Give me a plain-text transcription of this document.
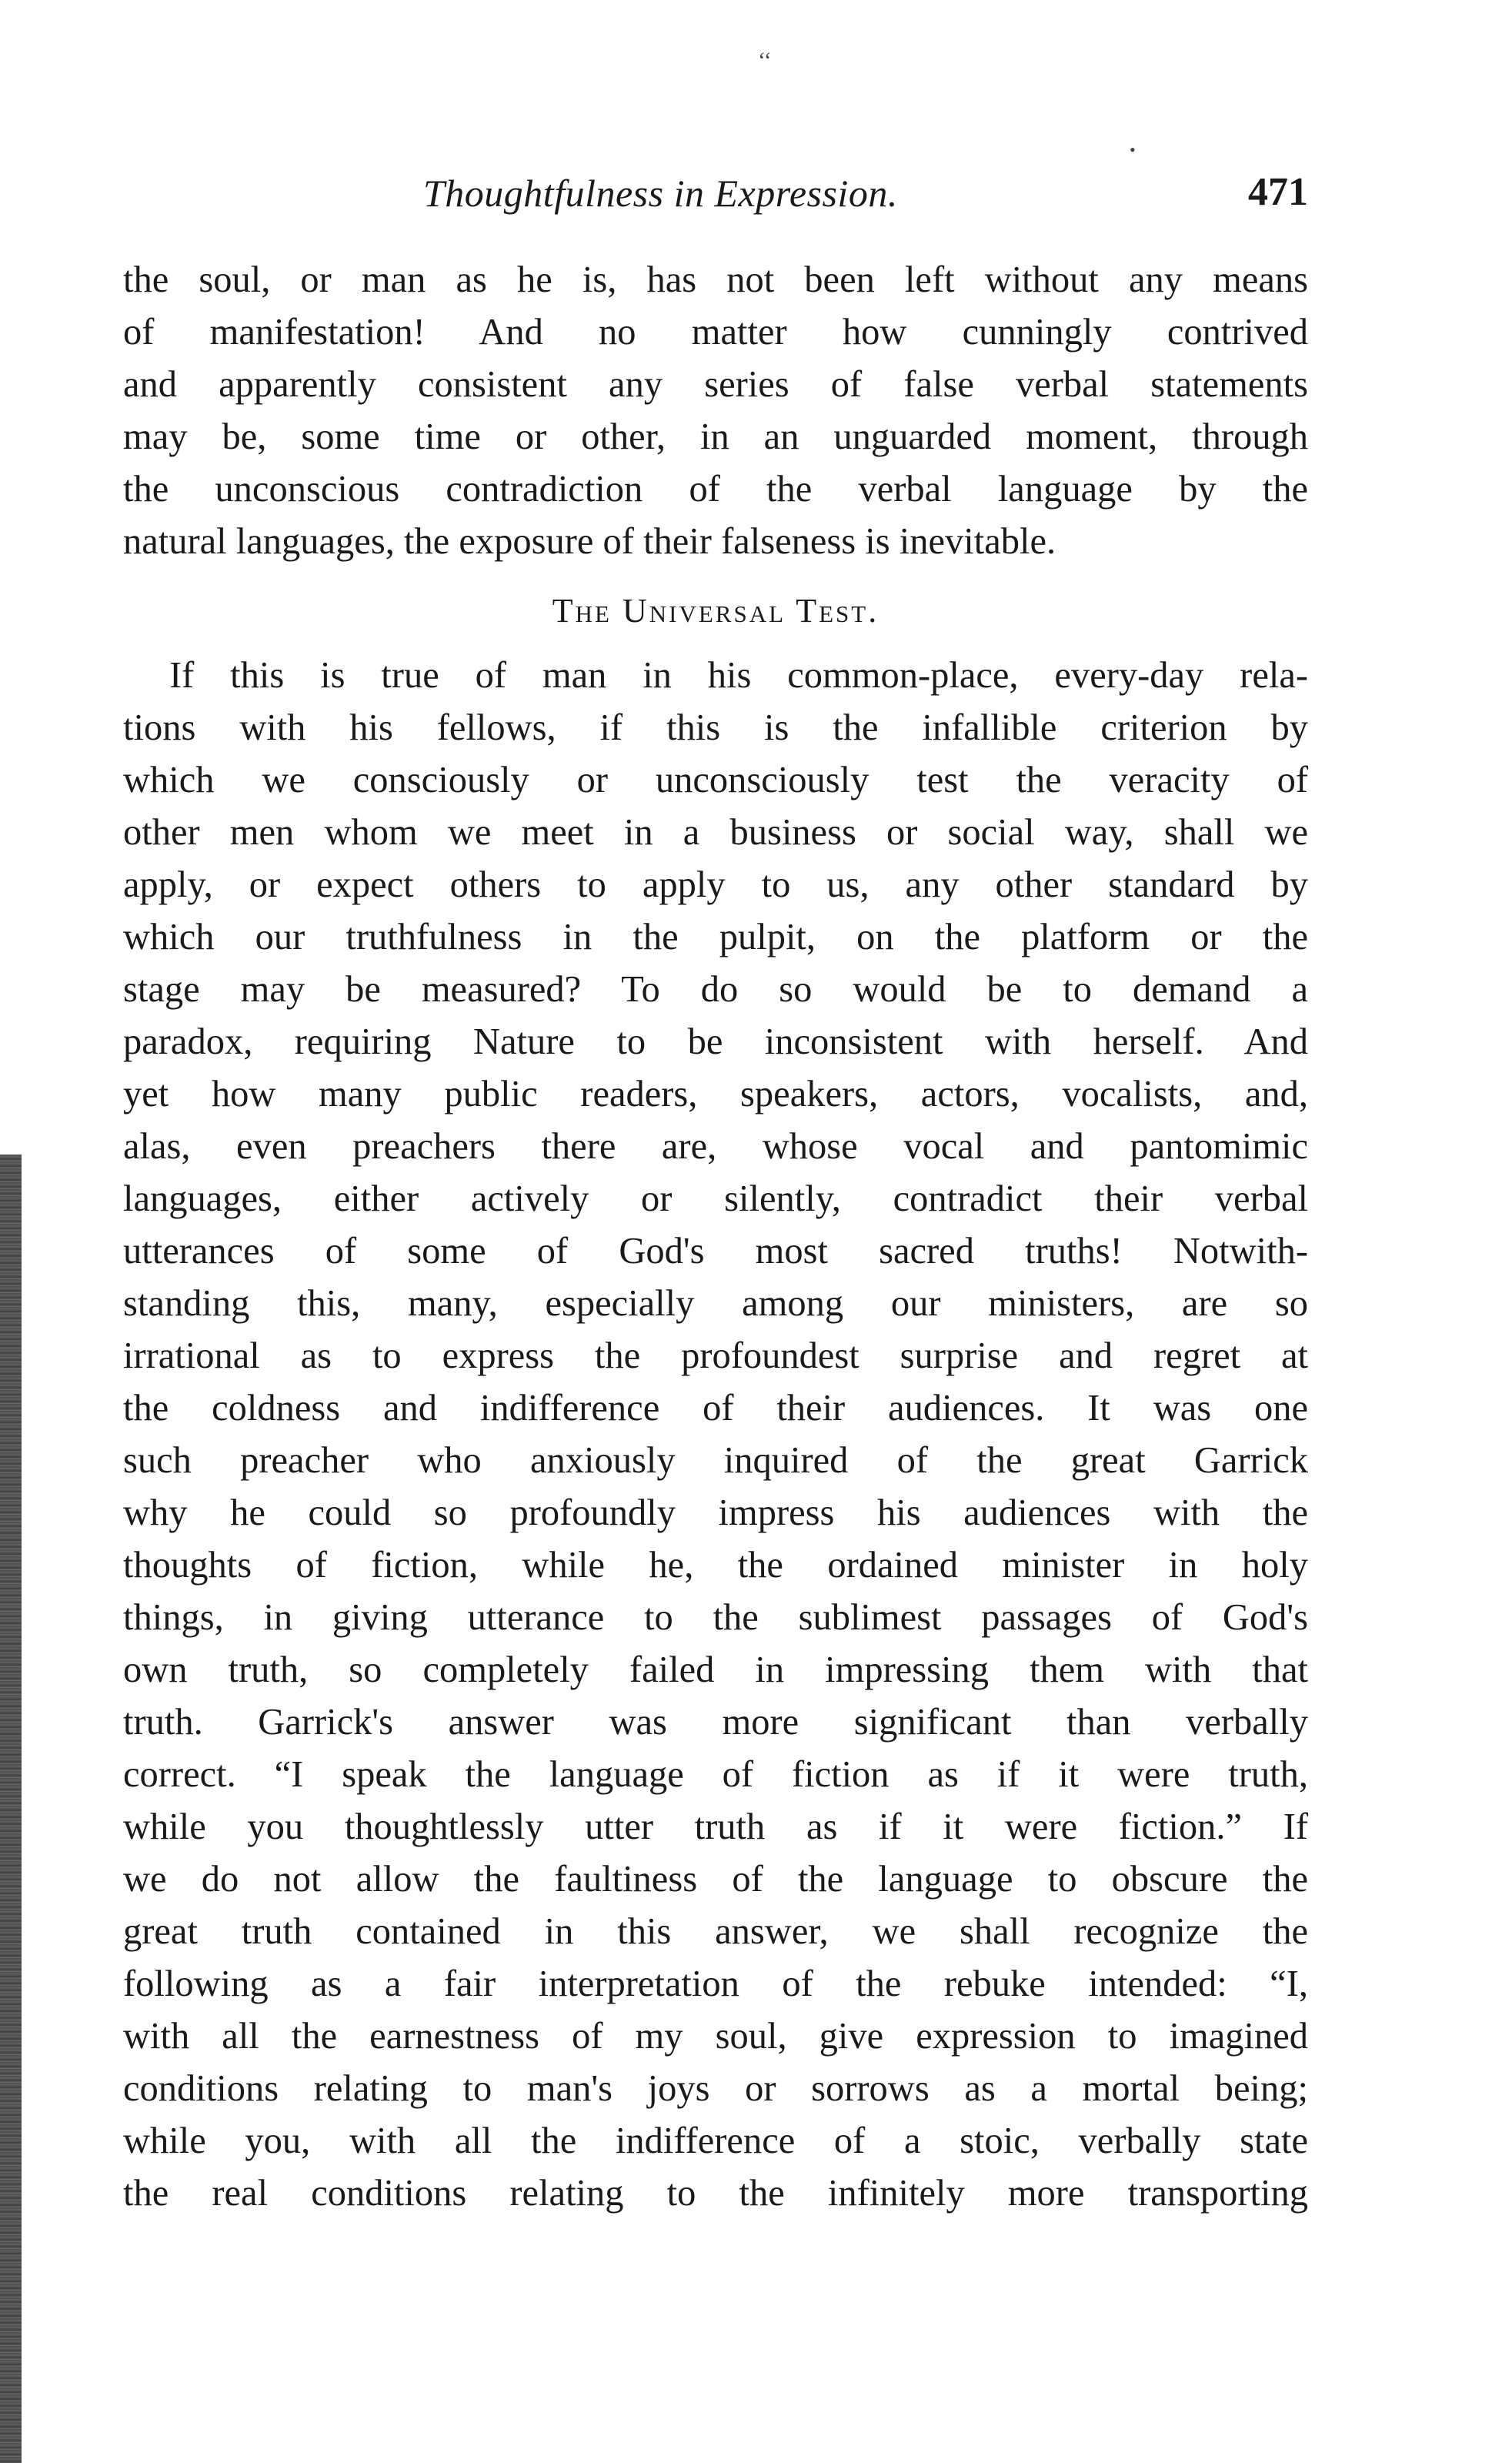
‘‘
•
Thoughtfulness in Expression.	471
the soul, or man as he is, has not been left without any means
of manifestation! And no matter how cunningly contrived
and apparently consistent any series of false verbal statements
may be, some time or other, in an unguarded moment, through
the unconscious contradiction of the verbal language by the
natural languages, the exposure of their falseness is inevitable.
The Universal Test.
If this is true of man in his common-place, every-day rela-
tions with his fellows, if this is the infallible criterion by
which we consciously or unconsciously test the veracity of
other men whom we meet in a business or social way, shall we
apply, or expect others to apply to us, any other standard by
which our truthfulness in the pulpit, on the platform or the
stage may be measured? To do so would be to demand a
paradox, requiring Nature to be inconsistent with herself. And
yet how many public readers, speakers, actors, vocalists, and,
alas, even preachers there are, whose vocal and pantomimic
languages, either actively or silently, contradict their verbal
utterances of some of God's most sacred truths! Notwith-
standing this, many, especially among our ministers, are so
irrational as to express the profoundest surprise and regret at
the coldness and indifference of their audiences. It was one
such preacher who anxiously inquired of the great Garrick
why he could so profoundly impress his audiences with the
thoughts of fiction, while he, the ordained minister in holy
things, in giving utterance to the sublimest passages of God's
own truth, so completely failed in impressing them with that
truth. Garrick's answer was more significant than verbally
correct. “I speak the language of fiction as if it were truth,
while you thoughtlessly utter truth as if it were fiction.” If
we do not allow the faultiness of the language to obscure the
great truth contained in this answer, we shall recognize the
following as a fair interpretation of the rebuke intended: “I,
with all the earnestness of my soul, give expression to imagined
conditions relating to man's joys or sorrows as a mortal being;
while you, with all the indifference of a stoic, verbally state
the real conditions relating to the infinitely more transporting
